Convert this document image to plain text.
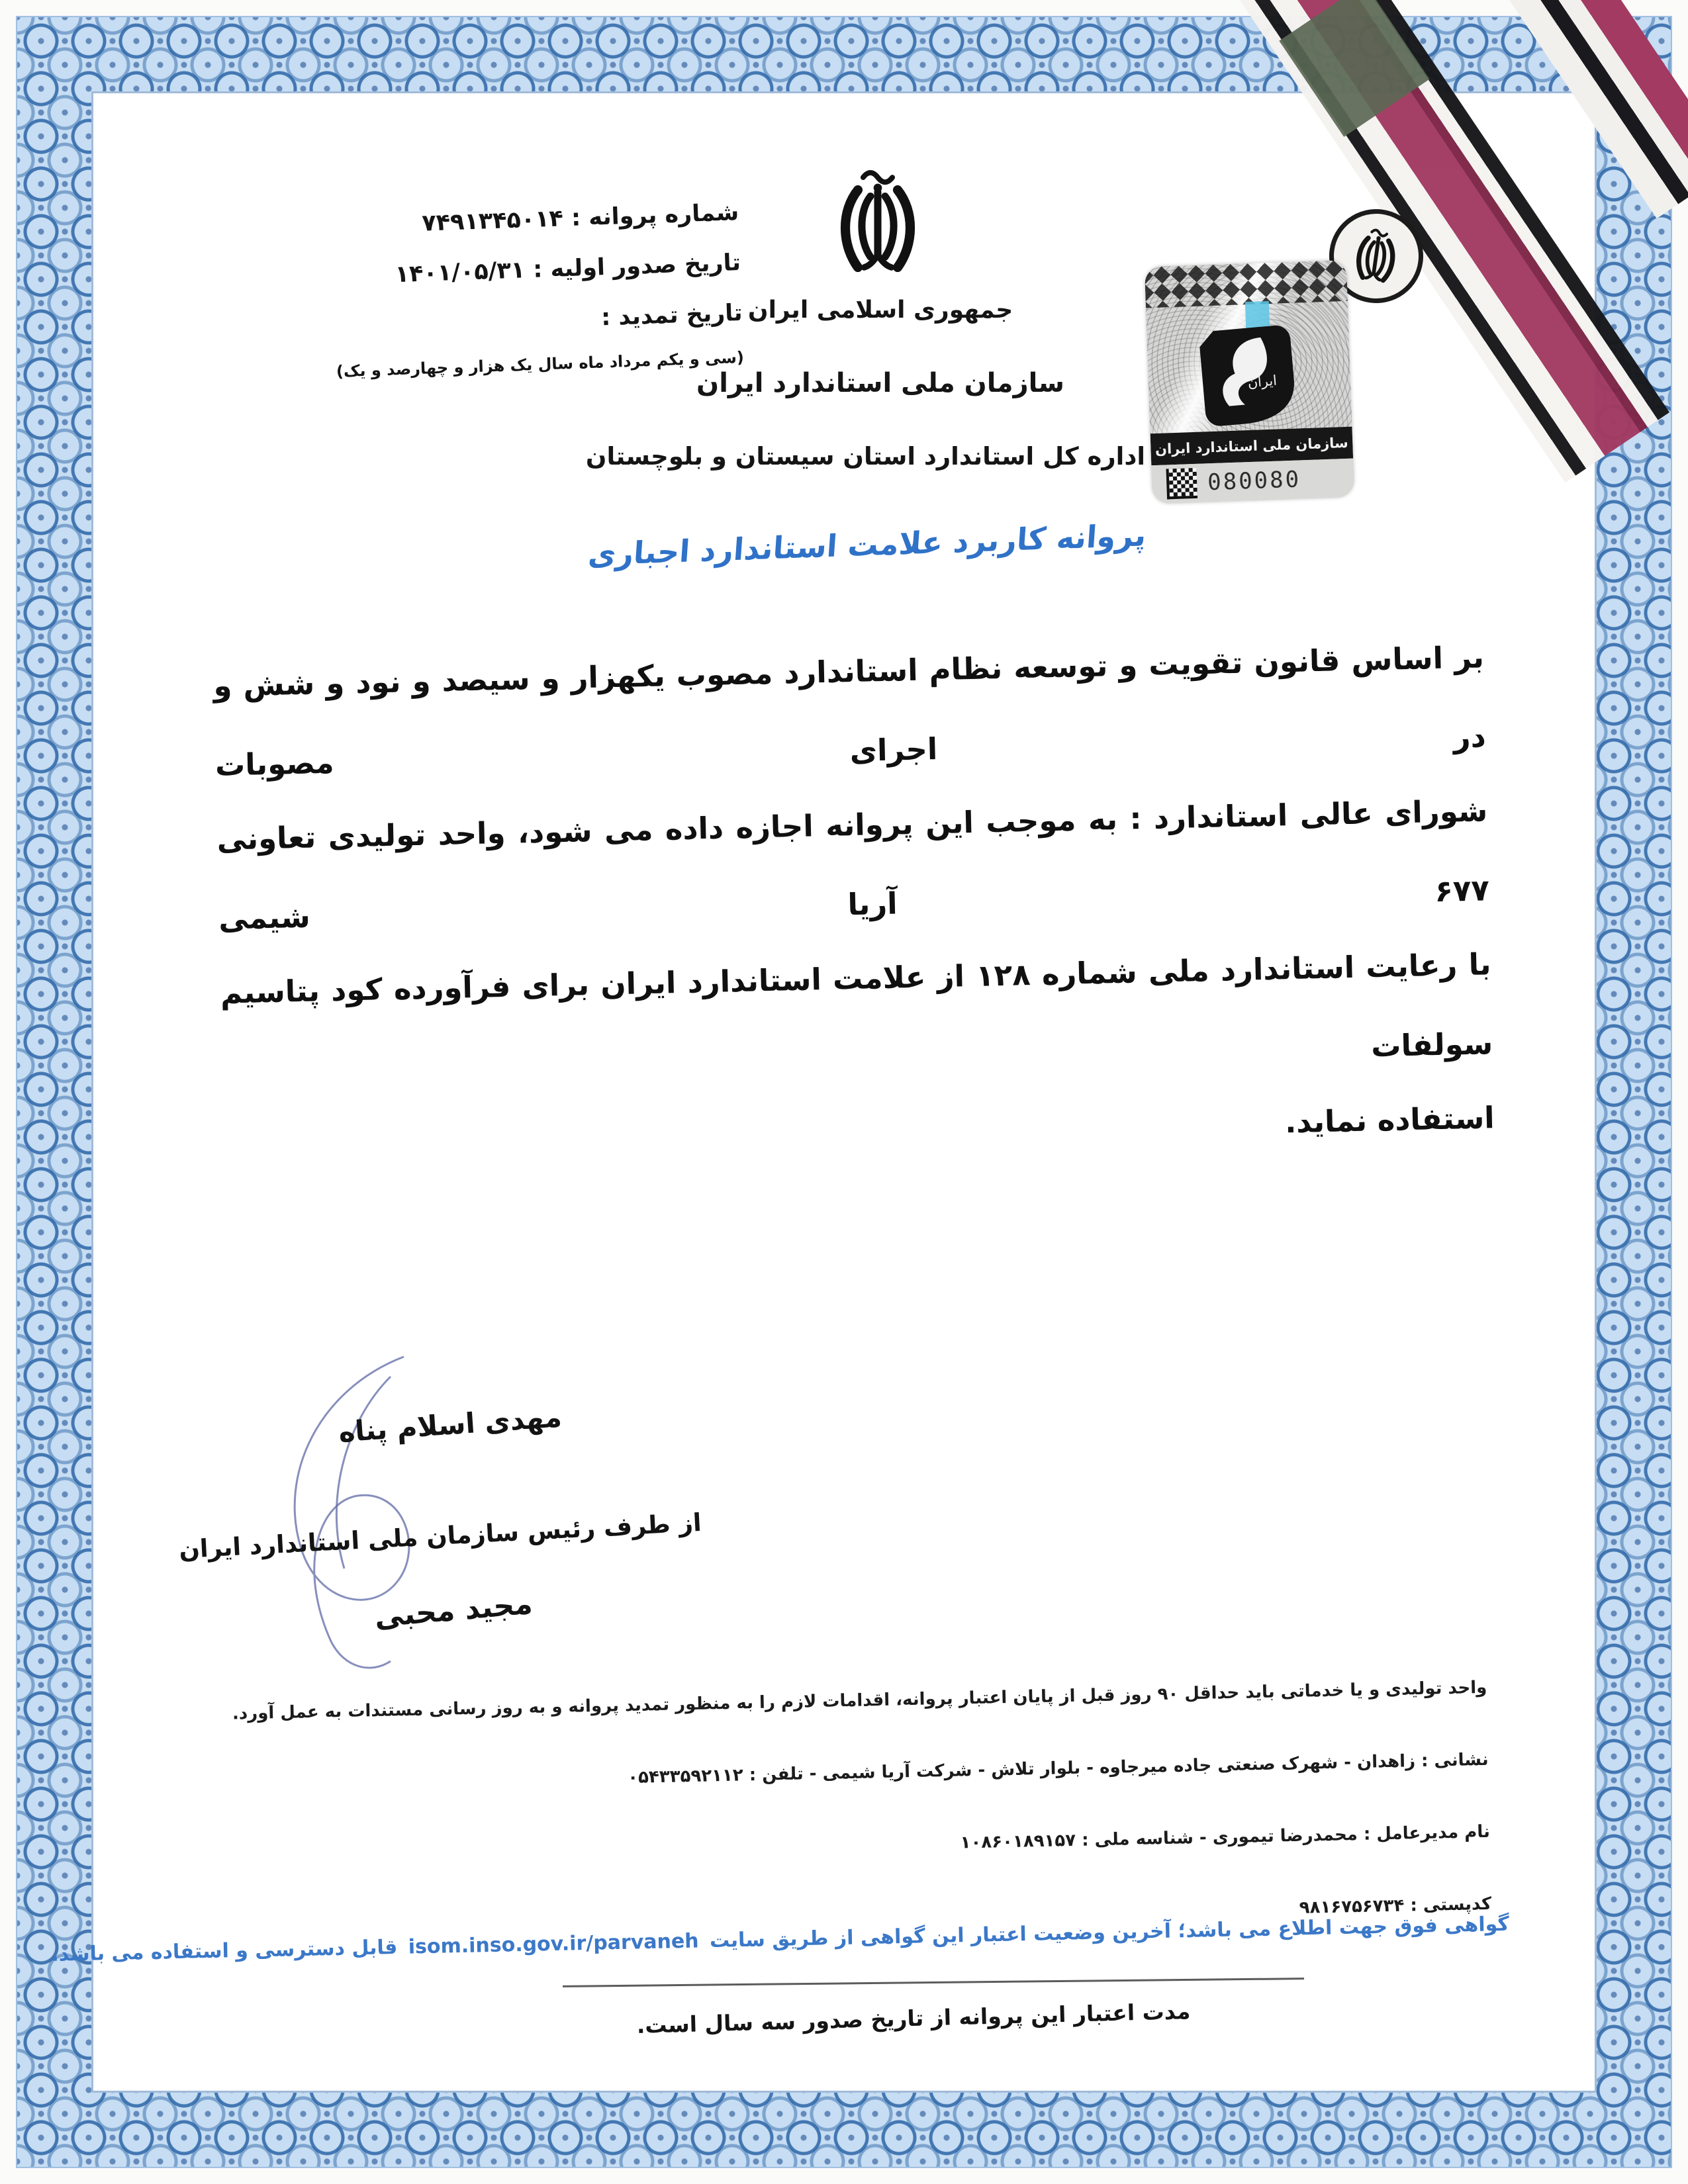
ایران
سازمان ملی استاندارد ایران
080080
شماره پروانه : ۷۴۹۱۳۴۵۰۱۴
تاریخ صدور اولیه : ۱۴۰۱/۰۵/۳۱
تاریخ تمدید :
(سی و یکم مرداد ماه سال یک هزار و چهارصد و یک)
جمهوری اسلامی ایران
سازمان ملی استاندارد ایران
اداره کل استاندارد استان سیستان و بلوچستان
پروانه کاربرد علامت استاندارد اجباری
بر اساس قانون تقویت و توسعه نظام استاندارد مصوب یکهزار و سیصد و نود و شش و در اجرای مصوبات
شورای عالی استاندارد : به موجب این پروانه اجازه داده می شود، واحد تولیدی تعاونی ۶۷۷ آریا شیمی
با رعایت استاندارد ملی شماره ۱۲۸ از علامت استاندارد ایران برای فرآورده کود پتاسیم سولفات
استفاده نماید.
مهدی اسلام پناه
از طرف رئیس سازمان ملی استاندارد ایران
مجید محبی
واحد تولیدی و یا خدماتی باید حداقل ۹۰ روز قبل از پایان اعتبار پروانه، اقدامات لازم را به منظور تمدید پروانه و به روز رسانی مستندات به عمل آورد.
نشانی : زاهدان - شهرک صنعتی جاده میرجاوه - بلوار تلاش - شرکت آریا شیمی - تلفن : ۰۵۴۳۳۵۹۲۱۱۲
نام مدیرعامل : محمدرضا تیموری - شناسه ملی : ۱۰۸۶۰۱۸۹۱۵۷
کدپستی : ۹۸۱۶۷۵۶۷۳۴
گواهی فوق جهت اطلاع می باشد؛ آخرین وضعیت اعتبار این گواهی از طریق سایت isom.inso.gov.ir/parvaneh قابل دسترسی و استفاده می باشد.
مدت اعتبار این پروانه از تاریخ صدور سه سال است.
